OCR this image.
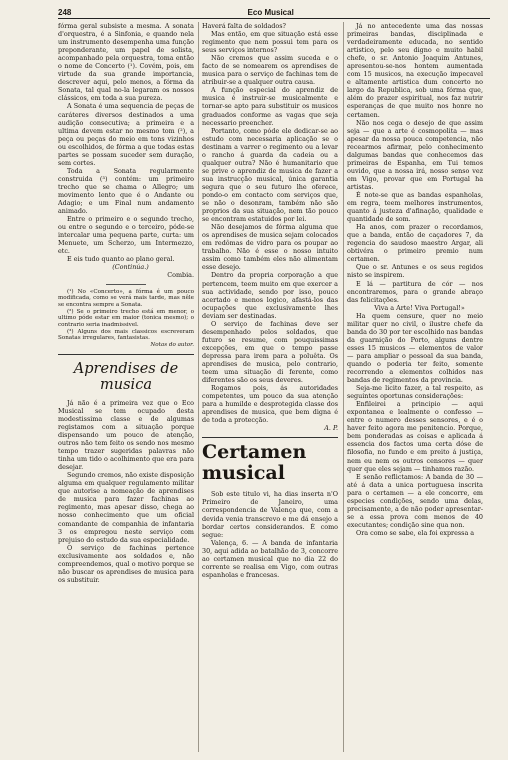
248	Eco Musical

fórma geral subsiste a mesma. A sonata d'orquestra, é a Sinfonia, e quando nela um instrumento desempenha uma função preponderante, um papel de solista, acompanhado pela orquestra, toma então o nome de Concerto (¹). Covém, pois, em virtude da sua grande importancia, descrever aqui, pelo menos, a fórma da Sonata, tal qual no-la legaram os nossos clássicos, em toda a sua pureza.

A Sonata é uma sequencia de peças de caráteres diversos destinados a uma audição consecutiva; a primeira e a ultima devem estar no mesmo tom (²), a peça ou peças do meio em tons vizinhos ou escolhidos, de fórma a que todas estas partes se possam suceder sem duração, sem cortes.

Toda a Sonata regularmente construida (³) contém: um primeiro trecho que se chama o Allegro; um movimento lento que é o Andante ou Adagio; e um Final num andamento animado.

Entre o primeiro e o segundo trecho, ou entre o segundo e o terceiro, póde-se intercalar uma pequena parte, curta: um Menuete, um Scherzo, um Intermezzo, etc.

E eis tudo quanto ao plano geral.

(Continúa.)

Combia.

(¹) No «Concerto», a fórma é um pouco modificada, como se verá mais tarde, mas nêle se encontra sempre a Sonata.

(²) Se o primeiro trecho está em menor, o ultimo póde estar em maior (tonica mesmo); o contrario seria inadmissivel.

(³) Alguns dos mais classicos escreveram Sonatas irregulares, fantasistas.

Notas do autor.

Aprendises de musica

Já não é a primeira vez que o Eco Musical se tem ocupado desta modestissima classe e de algumas registamos com a situação porque dispensando um pouco de atenção, outros não tem feito os sendo nos mesmo tempo trazer sugeridas palavras não tinha um tido o acolhimento que era para desejar.

Segundo cremos, não existe disposição alguma em qualquer regulamento militar que autorise a nomeação de aprendises de musica para fazer fachinas ao regimento, mas apesar disso, chega ao nosso conhecimento que um oficial comandante de companhia de infantaria 3 os empregou neste serviço com prejuiso do estudo da sua especialidade.

O serviço de fachinas pertence exclusivamente aos soldados e, não compreendemos, qual o motivo porque se não buscar os aprendises de musica para os substituir.

Haverá falta de soldados?

Mas então, em que situação está esse regimento que nem possui tem para os seus serviços internos?

Não cremos que assim suceda e o facto de se nomearem os aprendises de musica para o serviço de fachinas tem de atribuir-se a qualquer outra causa.

A função especial do aprendiz de musica é instruir-se musicalmente e tornar-se apto para substituir os musicos graduados conforme as vagas que seja necessario preencher.

Portanto, como póde ele dedicar-se ao estudo com necessaria aplicação se o destinam a varrer o regimento ou a levar o rancho á guarda da cadeia ou a qualquer outra? Não é humanitario que se prive o aprendiz de musica de fazer a sua instrucção musical, única garantia segura que o seu futuro lhe oferece, pondo-o em contacto com serviços que, se não o desonram, também não são proprios da sua situação, nem tão pouco se encontram estatuidos por lei.

Não desejamos de fórma alguma que os aprendises de musica sejam colocados em redômas de vidro para os poupar ao trabalho. Não é esse o nosso intuito assim como também eles não alimentam esse desejo.

Dentro da propria corporação a que pertencem, teem muito em que exercer a sua actividade, sendo por isso, pouco acertado e menos logico, afastá-los das ocupações que exclusivamente lhes deviam ser destinadas.

O serviço de fachinas deve ser desempenhado pelos soldados, que futuro se resume, com pouquissimas excepções, em que o tempo passe depressa para irem para a poluêta. Os aprendises de musica, pelo contrario, teem uma situação di ferente, como diferentes são os seus deveres.

Rogamos pois, ás autoridades competentes, um pouco da sua atenção para a humilde e desprotegida classe dos aprendises de musica, que bem digna é de toda a protecção.

A. P.

Certamen musical

Sob este titulo vi, ha dias inserta n'O Primeiro de Janeiro, uma correspondencia de Valença que, com a devida venia transcrevo e me dá ensejo a bordar certos considerandos. É como segue:

Valença, 6. — A banda de infantaria 30, aqui adida ao batalhão de 3, concorre ao certamen musical que no dia 22 do corrente se realisa em Vigo, com outras espanholas e francesas.

Já no antecedente uma das nossas primeiras bandas, disciplinada e verdadeiramente educada, no sentido artistico, pelo seu digno e muito habil chefe, o sr. Antonio Joaquim Antunes, apresentou-se-nos hontem aumentada com 15 musicos, na execução impecavel e altamente artistica dum concerto no largo da Republica, sob uma fórma que, além do prazer espiritual, nos faz nutrir esperanças de que muito nos honre no certamen.

Não nos cega o desejo de que assim seja — que a arte é cosmopolita — mas apesar da nossa pouca competencia, não recearmos afirmar, pelo conhecimento dalgumas bandas que conhecemos das primeiras de Espanha, em Tui temos ouvido, que a nossa irá, nosso senso vez em Vigo, provar que em Portugal ha artistas.

É note-se que as bandas espanholas, em regra, teem melhores instrumentos, quanto á justeza d'afinação, qualidade e quantidade de som.

Ha anos, com prazer o recordamos, que a banda, então de caçadores 7, da regencia do saudoso maestro Argar, ali obtivéra o primeiro premio num certamen.

Que o sr. Antunes e os seus regidos nisto se inspirem.

E lá — partitura de cór — nos encontraremos, para o grande abraço das felicitações.

Viva a Arte! Viva Portugal!»

Ha quem censure, quer no meio militar quer no civil, o ilustre chefe da banda do 30 por ter escolhido nas bandas da guarnição do Porto, alguns dentre esses 15 musicos — elementos de valor — para ampliar o pessoal da sua banda, quando o poderia ter feito, somente recorrendo a elementos colhidos nas bandas de regimentos da provincia.

Seja-me licito fazer, a tal respeito, as seguintes oportunas considerações:

Enfileirei a principio — aqui expontanea e lealmente o confesso — entre o numero desses sensores, e é o haver feito agora me penitencio. Porque, bem ponderadas as coisas e aplicada á essencia dos factos uma certa dóse de filosofia, no fundo e em preito á justiça, nem eu nem os outros censores — quer quer que eles sejam — tinhamos razão.

E senão reflictamos: A banda de 30 — até á data a unica portuguesa inscrita para o certamen — a ele concorre, em especies condições, sendo uma delas, precisamente, a de não poder apresentar-se a essa prova com menos de 40 executantes; condição sine qua non.

Ora como se sabe, ela foi expressa a
